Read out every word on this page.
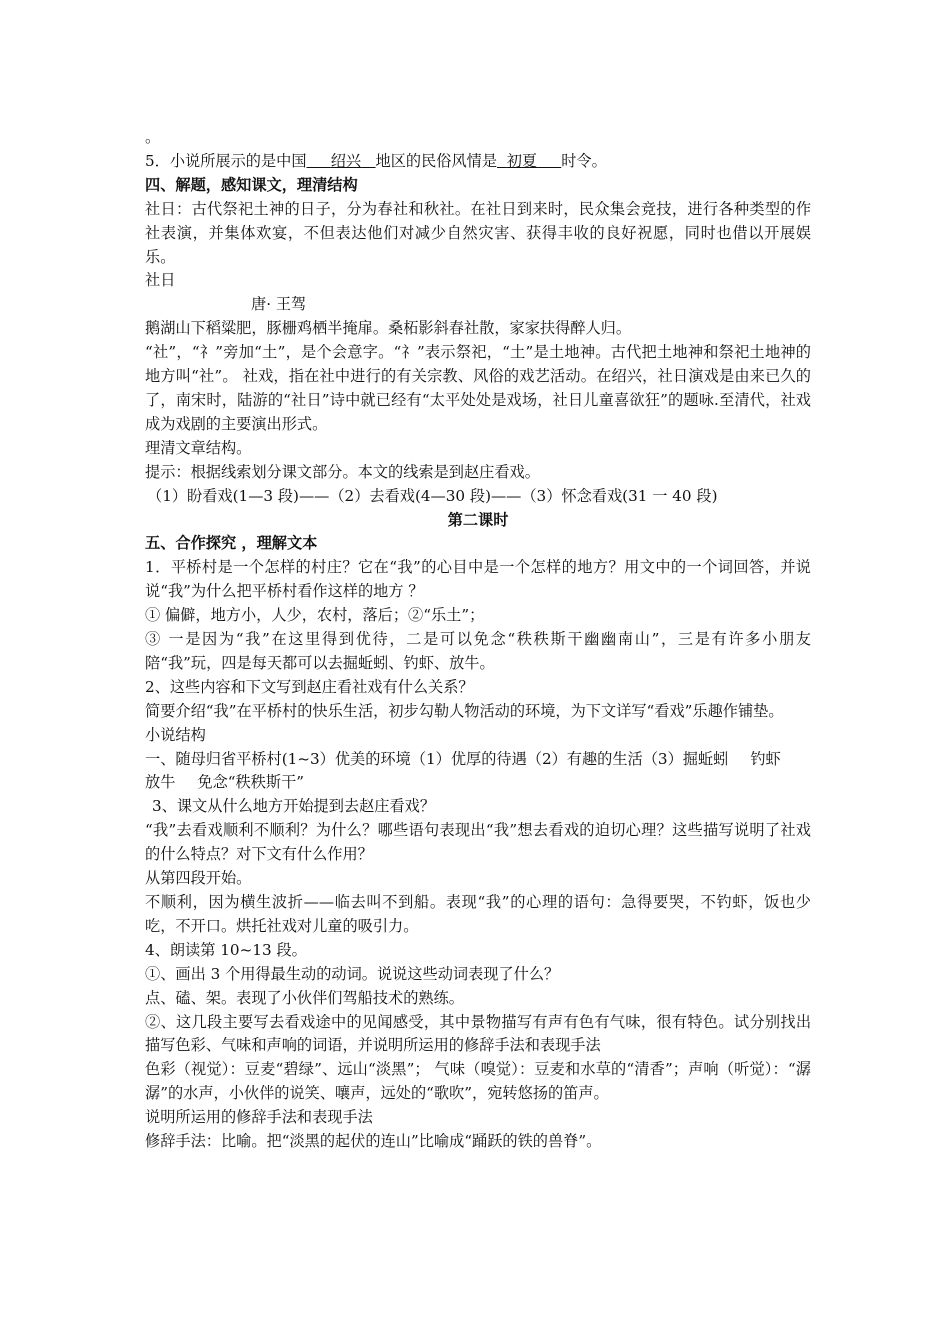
。
5．小说所展示的是中国 绍兴 地区的民俗风情是 初夏 时令。
四、解题，感知课文，理清结构
社日：古代祭祀土神的日子，分为春社和秋社。在社日到来时，民众集会竞技，进行各种类型的作社表演，并集体欢宴，不但表达他们对减少自然灾害、获得丰收的良好祝愿，同时也借以开展娱乐。
社日
唐· 王驾
鹅湖山下稻粱肥，豚栅鸡栖半掩扉。桑柘影斜春社散，家家扶得醉人归。
“社”，“礻”旁加“土”，是个会意字。“礻”表示祭祀，“土”是土地神。古代把土地神和祭祀土地神的地方叫“社”。 社戏，指在社中进行的有关宗教、风俗的戏艺活动。在绍兴，社日演戏是由来已久的了，南宋时，陆游的“社日”诗中就已经有“太平处处是戏场，社日儿童喜欲狂”的题咏.至清代，社戏成为戏剧的主要演出形式。
理清文章结构。
提示：根据线索划分课文部分。本文的线索是到赵庄看戏。
（1）盼看戏(1—3 段)——（2）去看戏(4—30 段)——（3）怀念看戏(31 一 40 段)
第二课时
五、合作探究 ，理解文本
1．平桥村是一个怎样的村庄？它在“我”的心目中是一个怎样的地方？用文中的一个词回答，并说说“我”为什么把平桥村看作这样的地方 ？
① 偏僻，地方小，人少，农村，落后；②“乐土”；
③ 一是因为“我”在这里得到优待，二是可以免念“秩秩斯干幽幽南山”，三是有许多小朋友陪“我”玩，四是每天都可以去掘蚯蚓、钓虾、放牛。
2、这些内容和下文写到赵庄看社戏有什么关系？
简要介绍“我”在平桥村的快乐生活，初步勾勒人物活动的环境，为下文详写“看戏”乐趣作铺垫。
小说结构
一、随母归省平桥村(1~3）优美的环境（1）优厚的待遇（2）有趣的生活（3）掘蚯蚓 钓虾
放牛 免念“秩秩斯干”
3、课文从什么地方开始提到去赵庄看戏？
“我”去看戏顺利不顺利？为什么？哪些语句表现出“我”想去看戏的迫切心理？这些描写说明了社戏的什么特点？对下文有什么作用？
从第四段开始。
不顺利，因为横生波折——临去叫不到船。表现“我”的心理的语句：急得要哭，不钓虾，饭也少吃，不开口。烘托社戏对儿童的吸引力。
4、朗读第 10~13 段。
①、画出 3 个用得最生动的动词。说说这些动词表现了什么？
点、磕、架。表现了小伙伴们驾船技术的熟练。
②、这几段主要写去看戏途中的见闻感受，其中景物描写有声有色有气味，很有特色。试分别找出描写色彩、气味和声响的词语，并说明所运用的修辞手法和表现手法
色彩（视觉）：豆麦“碧绿”、远山“淡黑”； 气味（嗅觉）：豆麦和水草的“清香”；声响（听觉）：“潺潺”的水声，小伙伴的说笑、嚷声，远处的“歌吹”，宛转悠扬的笛声。
说明所运用的修辞手法和表现手法
修辞手法：比喻。把“淡黑的起伏的连山”比喻成“踊跃的铁的兽脊”。
